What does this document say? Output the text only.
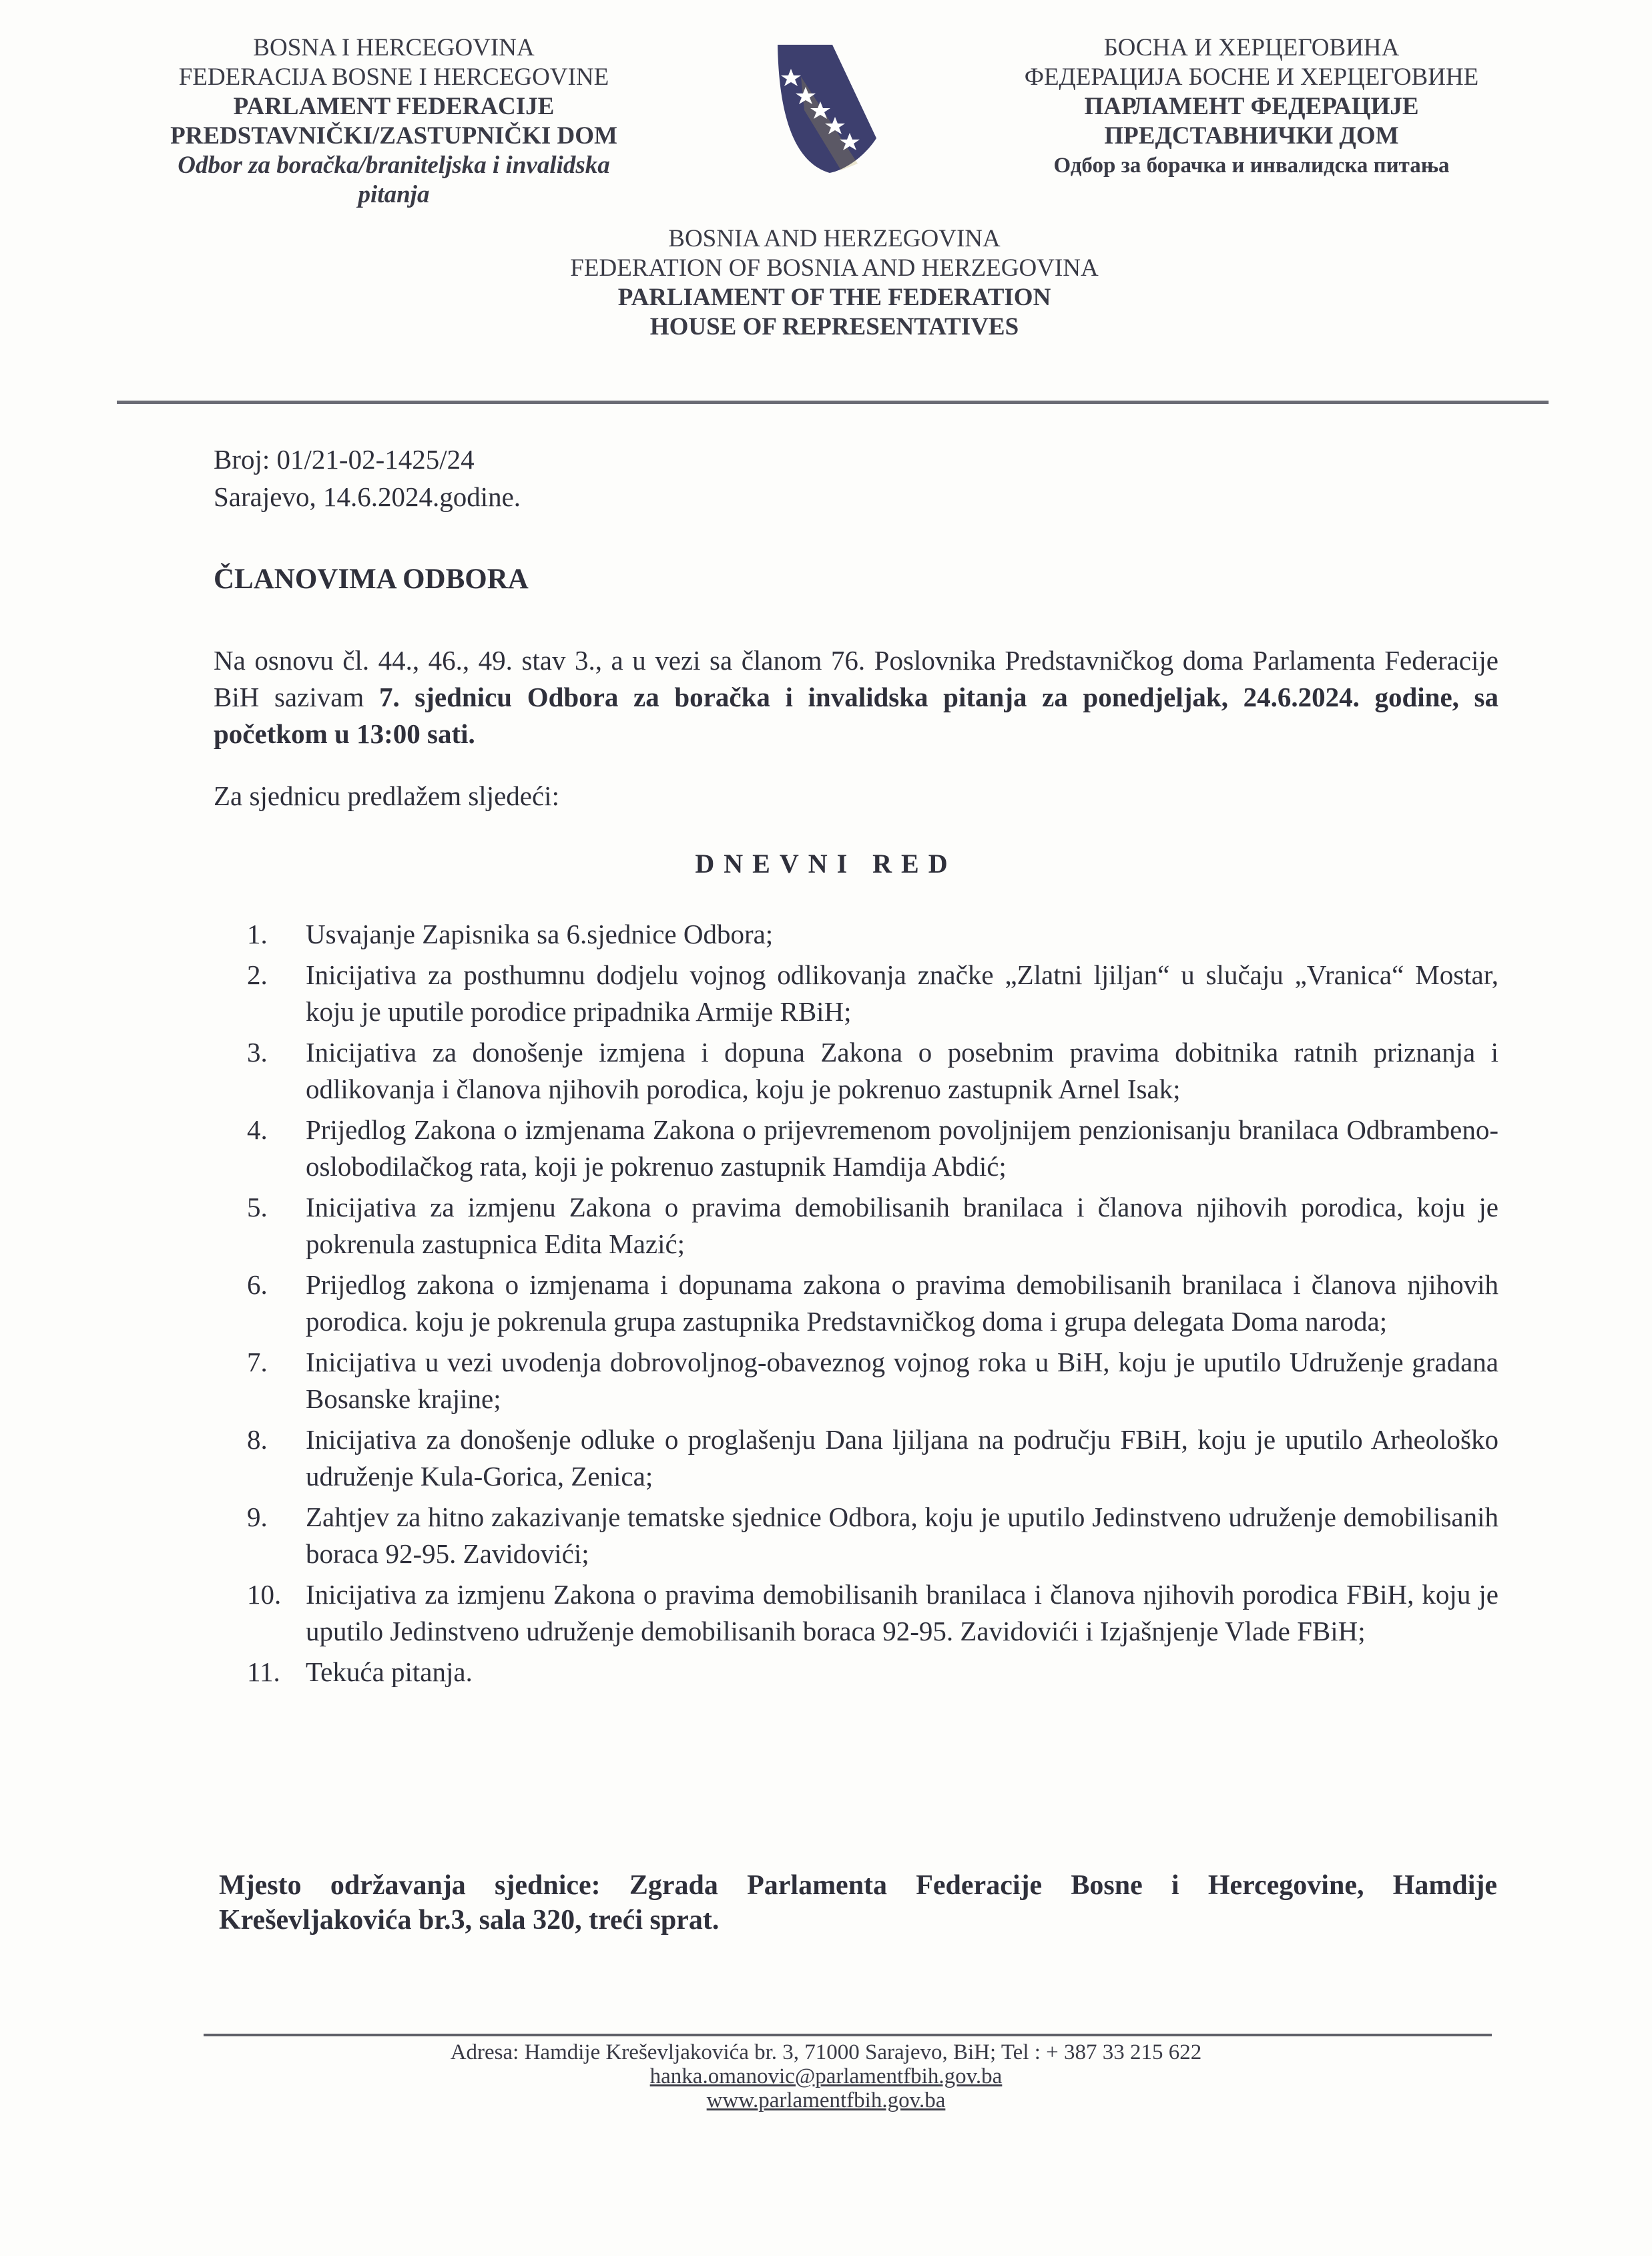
BOSNA I HERCEGOVINA
FEDERACIJA BOSNE I HERCEGOVINE
PARLAMENT FEDERACIJE
PREDSTAVNIČKI/ZASTUPNIČKI DOM
Odbor za boračka/braniteljska i invalidska pitanja
БОСНА И ХЕРЦЕГОВИНА
ФЕДЕРАЦИЈА БОСНЕ И ХЕРЦЕГОВИНЕ
ПАРЛАМЕНТ ФЕДЕРАЦИЈЕ
ПРЕДСТАВНИЧКИ ДОМ
Одбор за борачка и инвалидска питања
BOSNIA AND HERZEGOVINA
FEDERATION OF BOSNIA AND HERZEGOVINA
PARLIAMENT OF THE FEDERATION
HOUSE OF REPRESENTATIVES
Broj: 01/21-02-1425/24
Sarajevo, 14.6.2024.godine.
ČLANOVIMA ODBORA
Na osnovu čl. 44., 46., 49. stav 3., a u vezi sa članom 76. Poslovnika Predstavničkog doma Parlamenta Federacije BiH sazivam 7. sjednicu Odbora za boračka i invalidska pitanja za ponedjeljak, 24.6.2024. godine, sa početkom u 13:00 sati.
Za sjednicu predlažem sljedeći:
DNEVNI RED
1. Usvajanje Zapisnika sa 6.sjednice Odbora;
2. Inicijativa za posthumnu dodjelu vojnog odlikovanja značke „Zlatni ljiljan“ u slučaju „Vranica“ Mostar, koju je uputile porodice pripadnika Armije RBiH;
3. Inicijativa za donošenje izmjena i dopuna Zakona o posebnim pravima dobitnika ratnih priznanja i odlikovanja i članova njihovih porodica, koju je pokrenuo zastupnik Arnel Isak;
4. Prijedlog Zakona o izmjenama Zakona o prijevremenom povoljnijem penzionisanju branilaca Odbrambeno-oslobodilačkog rata, koji je pokrenuo zastupnik Hamdija Abdić;
5. Inicijativa za izmjenu Zakona o pravima demobilisanih branilaca i članova njihovih porodica, koju je pokrenula zastupnica Edita Mazić;
6. Prijedlog zakona o izmjenama i dopunama zakona o pravima demobilisanih branilaca i članova njihovih porodica. koju je pokrenula grupa zastupnika Predstavničkog doma i grupa delegata Doma naroda;
7. Inicijativa u vezi uvodenja dobrovoljnog-obaveznog vojnog roka u BiH, koju je uputilo Udruženje gradana Bosanske krajine;
8. Inicijativa za donošenje odluke o proglašenju Dana ljiljana na području FBiH, koju je uputilo Arheološko udruženje Kula-Gorica, Zenica;
9. Zahtjev za hitno zakazivanje tematske sjednice Odbora, koju je uputilo Jedinstveno udruženje demobilisanih boraca 92-95. Zavidovići;
10. Inicijativa za izmjenu Zakona o pravima demobilisanih branilaca i članova njihovih porodica FBiH, koju je uputilo Jedinstveno udruženje demobilisanih boraca 92-95. Zavidovići i Izjašnjenje Vlade FBiH;
11. Tekuća pitanja.
Mjesto održavanja sjednice: Zgrada Parlamenta Federacije Bosne i Hercegovine, Hamdije Kreševljakovića br.3, sala 320, treći sprat.
Adresa: Hamdije Kreševljakovića br. 3, 71000 Sarajevo, BiH; Tel : + 387 33 215 622
hanka.omanovic@parlamentfbih.gov.ba
www.parlamentfbih.gov.ba
